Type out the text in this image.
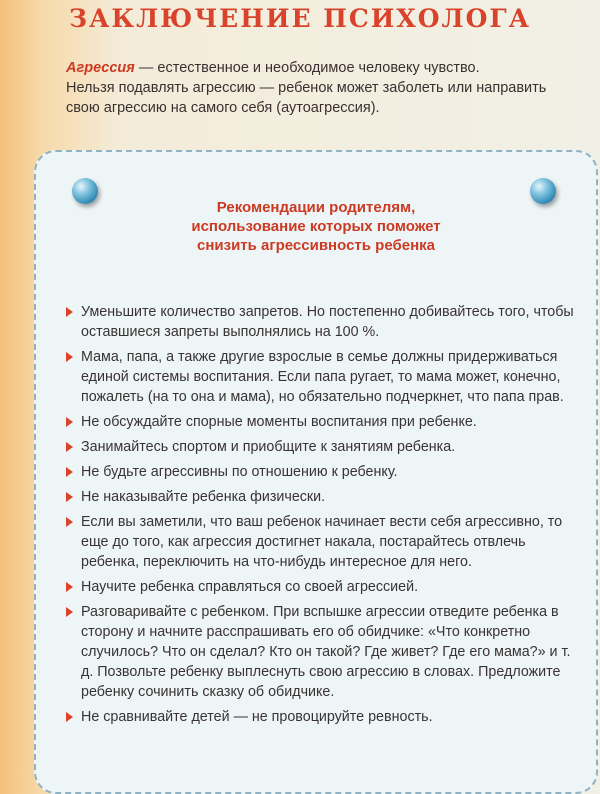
ЗАКЛЮЧЕНИЕ ПСИХОЛОГА

Агрессия — естественное и необходимое человеку чувство.

Нельзя подавлять агрессию — ребенок может заболеть или направить свою агрессию на самого себя (аутоагрессия).

Рекомендации родителям,
использование которых поможет
снизить агрессивность ребенка
Уменьшите количество запретов. Но постепенно добивайтесь того, чтобы оставшиеся запреты выполнялись на 100 %.
Мама, папа, а также другие взрослые в семье должны придерживаться единой системы воспитания. Если папа ругает, то мама может, конечно, пожалеть (на то она и мама), но обязательно подчеркнет, что папа прав.
Не обсуждайте спорные моменты воспитания при ребенке.
Занимайтесь спортом и приобщите к занятиям ребенка.
Не будьте агрессивны по отношению к ребенку.
Не наказывайте ребенка физически.
Если вы заметили, что ваш ребенок начинает вести себя агрессивно, то еще до того, как агрессия достигнет накала, постарайтесь отвлечь ребенка, переключить на что-нибудь интересное для него.
Научите ребенка справляться со своей агрессией.
Разговаривайте с ребенком. При вспышке агрессии отведите ребенка в сторону и начните расспрашивать его об обидчике: «Что конкретно случилось? Что он сделал? Кто он такой? Где живет? Где его мама?» и т. д. Позвольте ребенку выплеснуть свою агрессию в словах. Предложите ребенку сочинить сказку об обидчике.
Не сравнивайте детей — не провоцируйте ревность.
